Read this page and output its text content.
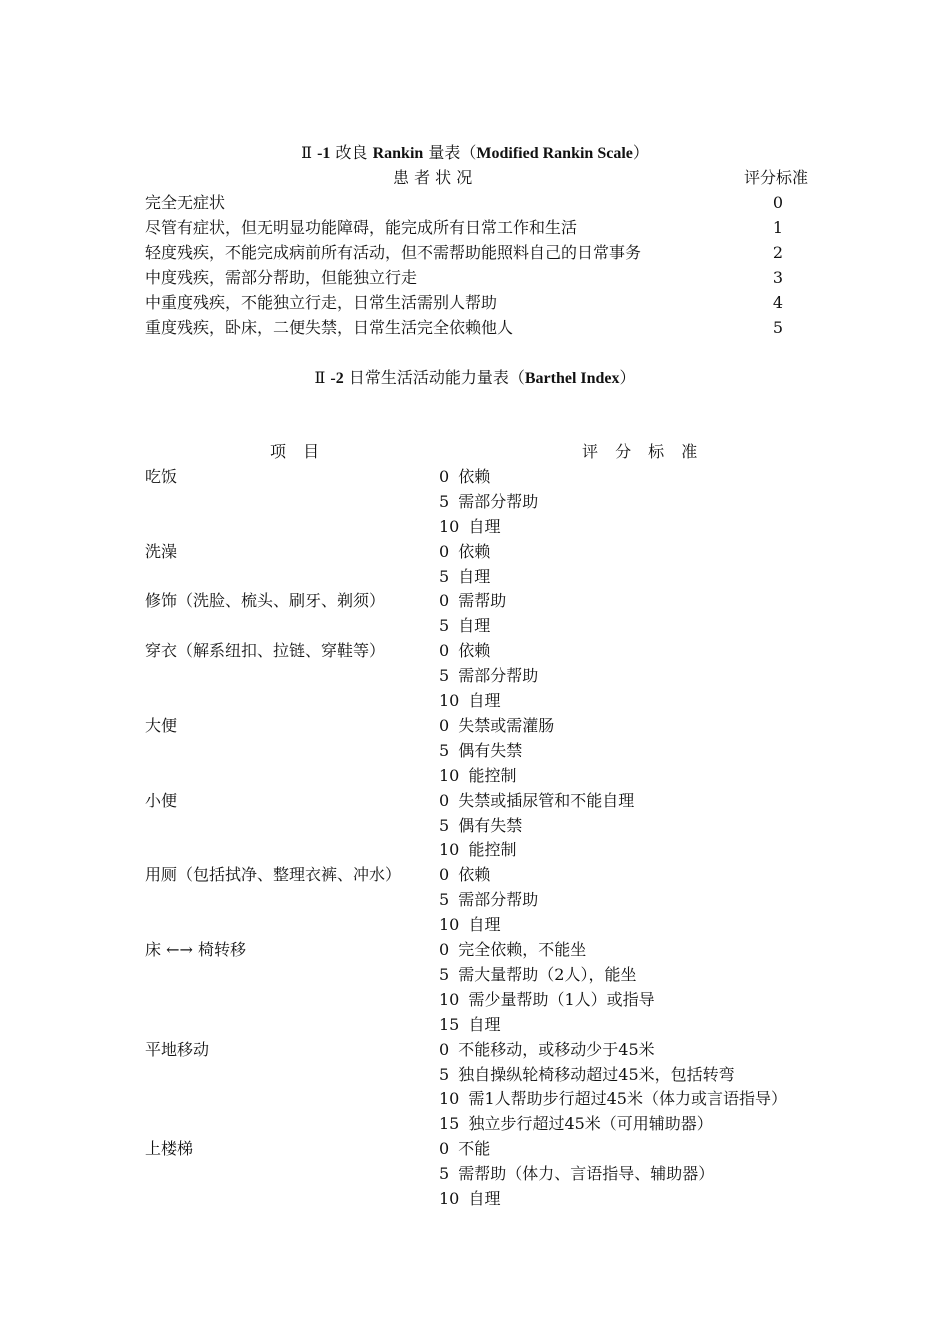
Ⅱ -1 改良 Rankin 量表（Modified Rankin Scale）
患 者 状 况	评分标准
完全无症状	0
尽管有症状，但无明显功能障碍，能完成所有日常工作和生活	1
轻度残疾，不能完成病前所有活动，但不需帮助能照料自己的日常事务	2
中度残疾，需部分帮助，但能独立行走	3
中重度残疾，不能独立行走，日常生活需别人帮助	4
重度残疾，卧床，二便失禁，日常生活完全依赖他人	5
Ⅱ -2 日常生活活动能力量表（Barthel Index）
项 目	评 分 标 准
吃饭	0 依赖
5 需部分帮助
10 自理
洗澡	0 依赖
5 自理
修饰（洗脸、梳头、刷牙、剃须）	0 需帮助
5 自理
穿衣（解系纽扣、拉链、穿鞋等）	0 依赖
5 需部分帮助
10 自理
大便	0 失禁或需灌肠
5 偶有失禁
10 能控制
小便	0 失禁或插尿管和不能自理
5 偶有失禁
10 能控制
用厕（包括拭净、整理衣裤、冲水） 0 依赖
5 需部分帮助
10 自理
床 ←→ 椅转移	0 完全依赖，不能坐
5 需大量帮助（2人），能坐
10 需少量帮助（1人）或指导
15 自理
平地移动	0 不能移动，或移动少于45米
5 独自操纵轮椅移动超过45米，包括转弯
10 需1人帮助步行超过45米（体力或言语指导）
15 独立步行超过45米（可用辅助器）
上楼梯	0 不能
5 需帮助（体力、言语指导、辅助器）
10 自理
